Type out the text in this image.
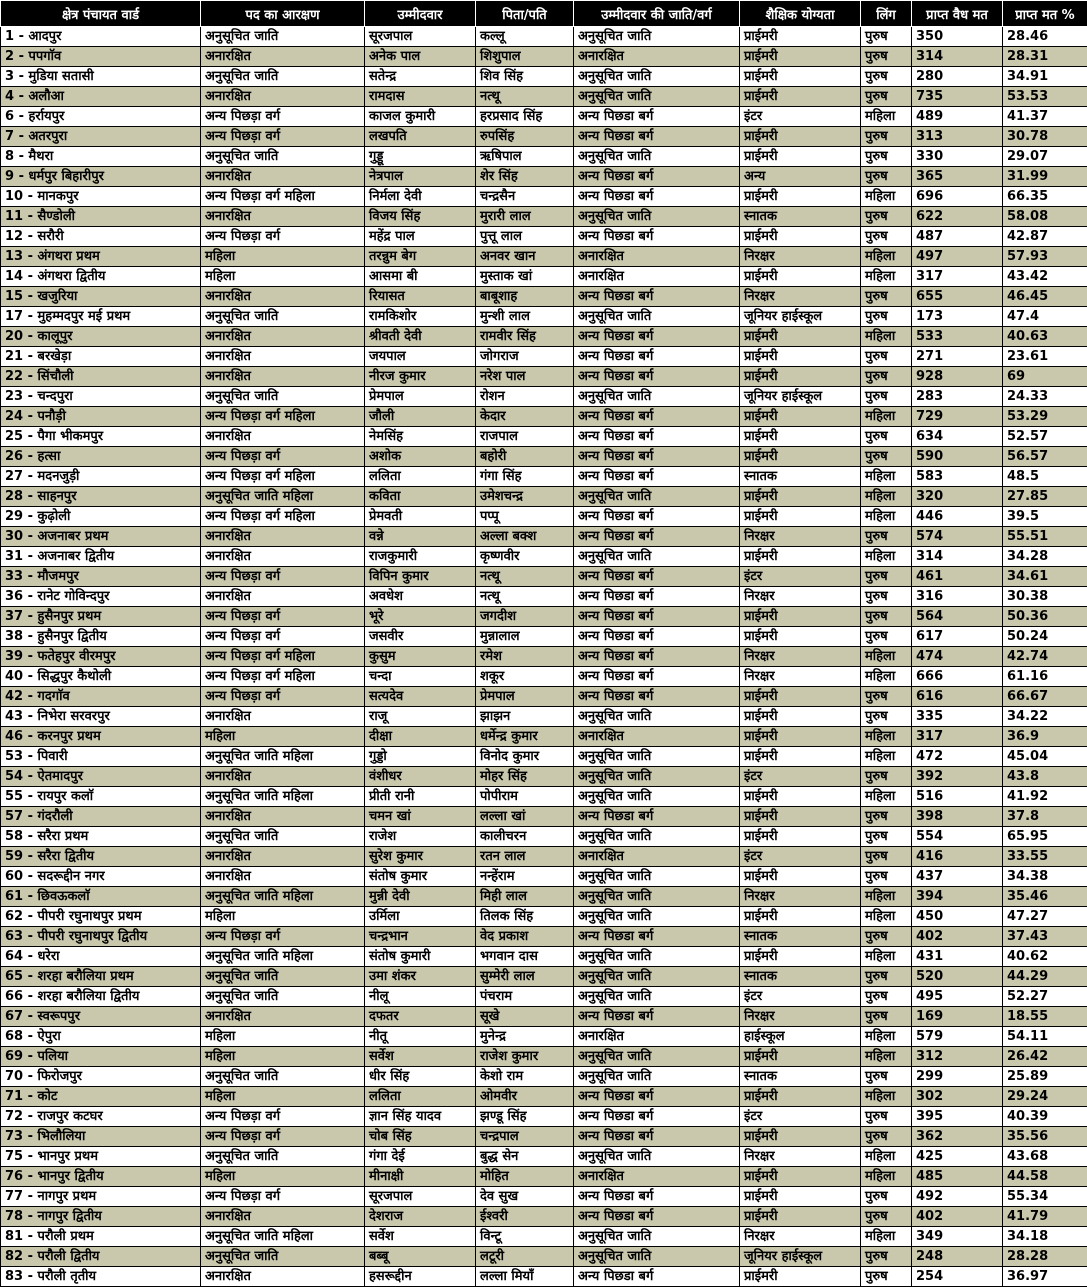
क्षेत्र पंचायत वार्ड	पद का आरक्षण	उम्मीदवार	पिता/पति	उम्मीदवार की जाति/वर्ग	शैक्षिक योग्यता	लिंग	प्राप्त वैध मत	प्राप्त मत %
1 - आदपुर	अनुसूचित जाति	सूरजपाल	कल्लू	अनुसूचित जाति	प्राईमरी	पुरुष	350	28.46
2 - पपगाॅव	अनारक्षित	अनेक पाल	शिशुपाल	अनारक्षित	प्राईमरी	पुरुष	314	28.31
3 - मुडिया सतासी	अनुसूचित जाति	सतेन्द्र	शिव सिंह	अनुसूचित जाति	प्राईमरी	पुरुष	280	34.91
4 - अलौआ	अनारक्षित	रामदास	नत्थू	अनुसूचित जाति	प्राईमरी	पुरुष	735	53.53
6 - हर्रायपुर	अन्य पिछड़ा वर्ग	काजल कुमारी	हरप्रसाद सिंह	अन्य पिछडा बर्ग	इंटर	महिला	489	41.37
7 - अतरपुरा	अन्य पिछड़ा वर्ग	लखपति	रुपसिंह	अन्य पिछडा बर्ग	प्राईमरी	पुरुष	313	30.78
8 - मैथरा	अनुसूचित जाति	गुड्डू	ऋषिपाल	अनुसूचित जाति	प्राईमरी	पुरुष	330	29.07
9 - धर्मपुर बिहारीपुर	अनारक्षित	नेत्रपाल	शेर सिंह	अन्य पिछडा बर्ग	अन्य	पुरुष	365	31.99
10 - मानकपुर	अन्य पिछड़ा वर्ग महिला	निर्मला देवी	चन्द्रसैन	अन्य पिछडा बर्ग	प्राईमरी	महिला	696	66.35
11 - सैण्डोली	अनारक्षित	विजय सिंह	मुरारी लाल	अनुसूचित जाति	स्नातक	पुरुष	622	58.08
12 - सरौरी	अन्य पिछड़ा वर्ग	महेंद्र पाल	पुत्तू लाल	अन्य पिछडा बर्ग	प्राईमरी	पुरुष	487	42.87
13 - अंगथरा प्रथम	महिला	तरन्नुम बेग	अनवर खान	अनारक्षित	निरक्षर	महिला	497	57.93
14 - अंगथरा द्वितीय	महिला	आसमा बी	मुस्ताक खां	अनारक्षित	प्राईमरी	महिला	317	43.42
15 - खजुरिया	अनारक्षित	रियासत	बाबूशाह	अन्य पिछडा बर्ग	निरक्षर	पुरुष	655	46.45
17 - मुहम्मदपुर मई प्रथम	अनुसूचित जाति	रामकिशोर	मुन्शी लाल	अनुसूचित जाति	जूनियर हाईस्कूल	पुरुष	173	47.4
20 - कालूपुर	अनारक्षित	श्रीवती देवी	रामवीर सिंह	अन्य पिछडा बर्ग	प्राईमरी	महिला	533	40.63
21 - बरखेड़ा	अनारक्षित	जयपाल	जोगराज	अन्य पिछडा बर्ग	प्राईमरी	पुरुष	271	23.61
22 - सिंचौली	अनारक्षित	नीरज कुमार	नरेश पाल	अन्य पिछडा बर्ग	प्राईमरी	पुरुष	928	69
23 - चन्दपुरा	अनुसूचित जाति	प्रेमपाल	रोशन	अनुसूचित जाति	जूनियर हाईस्कूल	पुरुष	283	24.33
24 - पनौड़ी	अन्य पिछड़ा वर्ग महिला	जौली	केदार	अन्य पिछडा बर्ग	प्राईमरी	महिला	729	53.29
25 - पैगा भीकमपुर	अनारक्षित	नेमसिंह	राजपाल	अन्य पिछडा बर्ग	प्राईमरी	पुरुष	634	52.57
26 - हत्सा	अन्य पिछड़ा वर्ग	अशोक	बहोरी	अन्य पिछडा बर्ग	प्राईमरी	पुरुष	590	56.57
27 - मदनजुड़ी	अन्य पिछड़ा वर्ग महिला	ललिता	गंगा सिंह	अन्य पिछडा बर्ग	स्नातक	महिला	583	48.5
28 - साहनपुर	अनुसूचित जाति महिला	कविता	उमेशचन्द्र	अनुसूचित जाति	प्राईमरी	महिला	320	27.85
29 - कुढ़ोली	अन्य पिछड़ा वर्ग महिला	प्रेमवती	पप्पू	अन्य पिछडा बर्ग	प्राईमरी	महिला	446	39.5
30 - अजनाबर प्रथम	अनारक्षित	वन्ने	अल्ला बक्श	अन्य पिछडा बर्ग	निरक्षर	पुरुष	574	55.51
31 - अजनाबर द्वितीय	अनारक्षित	राजकुमारी	कृष्णवीर	अनुसूचित जाति	प्राईमरी	महिला	314	34.28
33 - मौजमपुर	अन्य पिछड़ा वर्ग	विपिन कुमार	नत्थू	अन्य पिछडा बर्ग	इंटर	पुरुष	461	34.61
36 - रानेट गोविन्दपुर	अनारक्षित	अवधेश	नत्थू	अन्य पिछडा बर्ग	निरक्षर	पुरुष	316	30.38
37 - हुसैनपुर प्रथम	अन्य पिछड़ा वर्ग	भूरे	जगदीश	अन्य पिछडा बर्ग	प्राईमरी	पुरुष	564	50.36
38 - हुसैनपुर द्वितीय	अन्य पिछड़ा वर्ग	जसवीर	मुन्नालाल	अन्य पिछडा बर्ग	प्राईमरी	पुरुष	617	50.24
39 - फतेहपुर वीरमपुर	अन्य पिछड़ा वर्ग महिला	कुसुम	रमेश	अन्य पिछडा बर्ग	निरक्षर	महिला	474	42.74
40 - सिद्धपुर कैथोली	अन्य पिछड़ा वर्ग महिला	चन्दा	शकूर	अन्य पिछडा बर्ग	निरक्षर	महिला	666	61.16
42 - गदगाॅव	अन्य पिछड़ा वर्ग	सत्यदेव	प्रेमपाल	अन्य पिछडा बर्ग	प्राईमरी	पुरुष	616	66.67
43 - निभेरा सरवरपुर	अनारक्षित	राजू	झाझन	अनुसूचित जाति	प्राईमरी	पुरुष	335	34.22
46 - करनपुर प्रथम	महिला	दीक्षा	धर्मेन्द्र कुमार	अनारक्षित	प्राईमरी	महिला	317	36.9
53 - पिवारी	अनुसूचित जाति महिला	गुड्डो	विनोद कुमार	अनुसूचित जाति	प्राईमरी	महिला	472	45.04
54 - ऐतमादपुर	अनारक्षित	वंशीधर	मोहर सिंह	अनुसूचित जाति	इंटर	पुरुष	392	43.8
55 - रायपुर कलाॅ	अनुसूचित जाति महिला	प्रीती रानी	पोपीराम	अनुसूचित जाति	प्राईमरी	महिला	516	41.92
57 - गंदरौली	अनारक्षित	चमन खां	लल्ला खां	अन्य पिछडा बर्ग	प्राईमरी	पुरुष	398	37.8
58 - सरैरा प्रथम	अनुसूचित जाति	राजेश	कालीचरन	अनुसूचित जाति	प्राईमरी	पुरुष	554	65.95
59 - सरैरा द्वितीय	अनारक्षित	सुरेश कुमार	रतन लाल	अनारक्षित	इंटर	पुरुष	416	33.55
60 - सदरूद्दीन नगर	अनारक्षित	संतोष कुमार	नन्हेंराम	अनुसूचित जाति	प्राईमरी	पुरुष	437	34.38
61 - छिवऊकलाॅ	अनुसूचित जाति महिला	मुन्नी देवी	मिही लाल	अनुसूचित जाति	निरक्षर	महिला	394	35.46
62 - पीपरी रघुनाथपुर प्रथम	महिला	उर्मिला	तिलक सिंह	अनुसूचित जाति	प्राईमरी	महिला	450	47.27
63 - पीपरी रघुनाथपुर द्वितीय	अन्य पिछड़ा वर्ग	चन्द्रभान	वेद प्रकाश	अन्य पिछडा बर्ग	स्नातक	पुरुष	402	37.43
64 - धरेरा	अनुसूचित जाति महिला	संतोष कुमारी	भगवान दास	अनुसूचित जाति	प्राईमरी	महिला	431	40.62
65 - शरहा बरौलिया प्रथम	अनुसूचित जाति	उमा शंकर	सुम्मेरी लाल	अनुसूचित जाति	स्नातक	पुरुष	520	44.29
66 - शरहा बरौलिया द्वितीय	अनुसूचित जाति	नीलू	पंचराम	अनुसूचित जाति	इंटर	पुरुष	495	52.27
67 - स्वरूपपुर	अनारक्षित	दफतर	सूखे	अन्य पिछडा बर्ग	निरक्षर	पुरुष	169	18.55
68 - ऐपुरा	महिला	नीतू	मुनेन्द्र	अनारक्षित	हाईस्कूल	महिला	579	54.11
69 - पलिया	महिला	सर्वेश	राजेश कुमार	अनुसूचित जाति	प्राईमरी	महिला	312	26.42
70 - फिरोजपुर	अनुसूचित जाति	धीर सिंह	केशो राम	अनुसूचित जाति	स्नातक	पुरुष	299	25.89
71 - कोट	महिला	ललिता	ओमवीर	अन्य पिछडा बर्ग	प्राईमरी	महिला	302	29.24
72 - राजपुर कटघर	अन्य पिछड़ा वर्ग	ज्ञान सिंह यादव	झण्डू सिंह	अन्य पिछडा बर्ग	इंटर	पुरुष	395	40.39
73 - भिलौलिया	अन्य पिछड़ा वर्ग	चोब सिंह	चन्द्रपाल	अन्य पिछडा बर्ग	प्राईमरी	पुरुष	362	35.56
75 - भानपुर प्रथम	अनुसूचित जाति	गंगा देई	बुद्ध सेन	अनुसूचित जाति	निरक्षर	महिला	425	43.68
76 - भानपुर द्वितीय	महिला	मीनाक्षी	मोहित	अनारक्षित	प्राईमरी	महिला	485	44.58
77 - नागपुर प्रथम	अन्य पिछड़ा वर्ग	सूरजपाल	देव सुख	अन्य पिछडा बर्ग	प्राईमरी	पुरुष	492	55.34
78 - नागपुर द्वितीय	अनारक्षित	देशराज	ईश्वरी	अन्य पिछडा बर्ग	प्राईमरी	पुरुष	402	41.79
81 - परौली प्रथम	अनुसूचित जाति महिला	सर्वेश	विन्टू	अनुसूचित जाति	निरक्षर	महिला	349	34.18
82 - परौली द्वितीय	अनुसूचित जाति	बब्बू	लटूरी	अनुसूचित जाति	जूनियर हाईस्कूल	पुरुष	248	28.28
83 - परौली तृतीय	अनारक्षित	हसरूद्दीन	लल्ला मियाँ	अन्य पिछडा बर्ग	प्राईमरी	पुरुष	254	36.97
